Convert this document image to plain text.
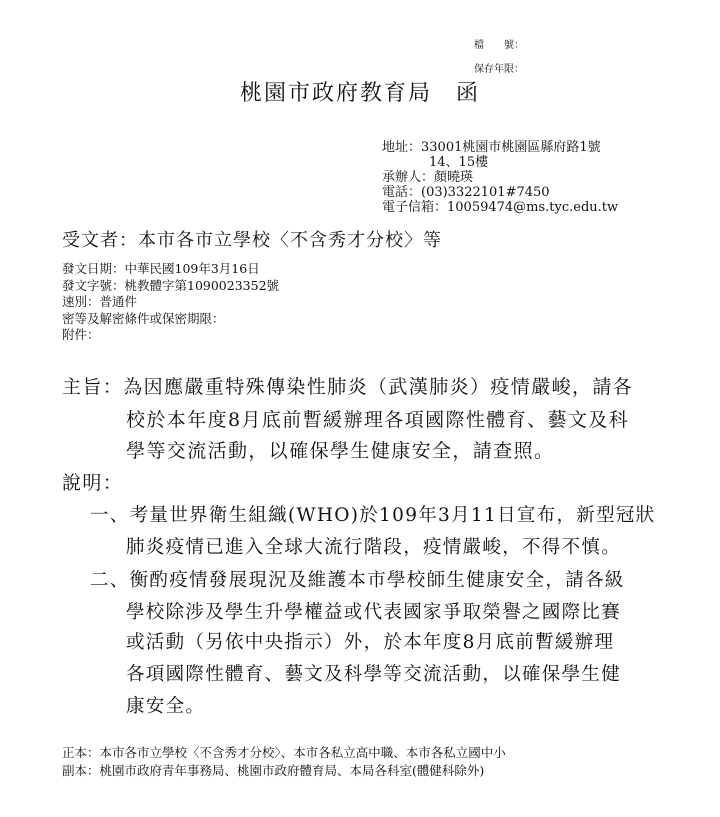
檔　　號：
保存年限：
桃園市政府教育局　函
地址：33001桃園市桃園區縣府路1號
14、15樓
承辦人：顏曉瑛
電話：(03)3322101#7450
電子信箱：10059474@ms.tyc.edu.tw
受文者：本市各市立學校〈不含秀才分校〉等
發文日期：中華民國109年3月16日
發文字號：桃教體字第1090023352號
速別：普通件
密等及解密條件或保密期限：
附件：
主旨：為因應嚴重特殊傳染性肺炎（武漢肺炎）疫情嚴峻，請各
校於本年度8月底前暫緩辦理各項國際性體育、藝文及科
學等交流活動，以確保學生健康安全，請查照。
說明：
一、考量世界衛生組織(WHO)於109年3月11日宣布，新型冠狀
肺炎疫情已進入全球大流行階段，疫情嚴峻，不得不慎。
二、衡酌疫情發展現況及維護本市學校師生健康安全，請各級
學校除涉及學生升學權益或代表國家爭取榮譽之國際比賽
或活動（另依中央指示）外，於本年度8月底前暫緩辦理
各項國際性體育、藝文及科學等交流活動，以確保學生健
康安全。
正本：本市各市立學校〈不含秀才分校〉、本市各私立高中職、本市各私立國中小
副本：桃園市政府青年事務局、桃園市政府體育局、本局各科室(體健科除外)
